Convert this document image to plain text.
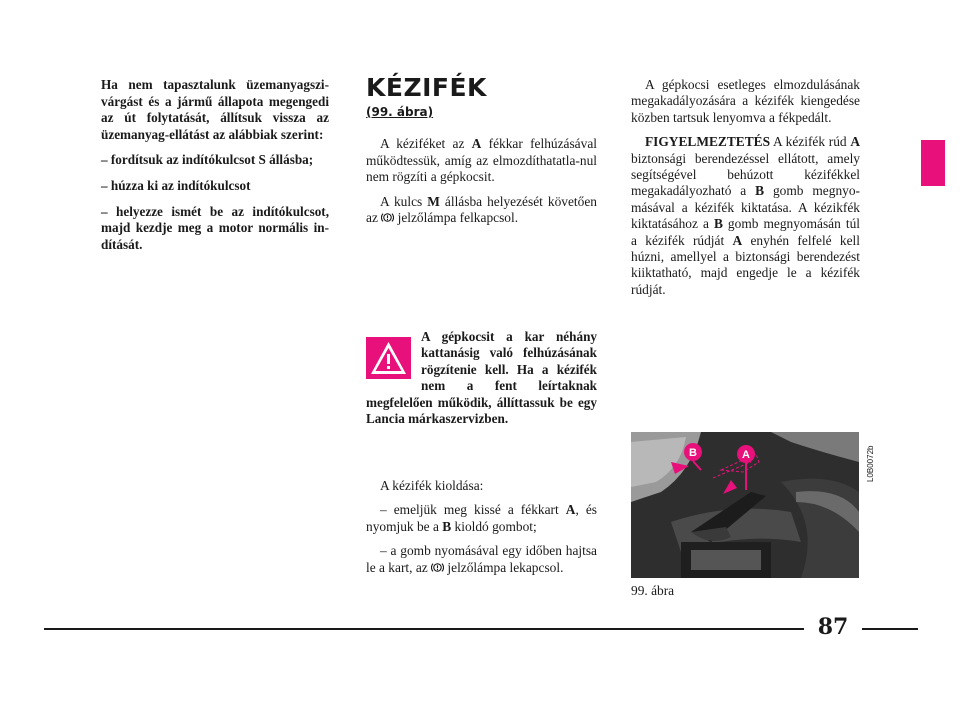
Ha nem tapasztalunk üzemanyagszi-várgást és a jármű állapota megengedi az út folytatását, állítsuk vissza az üzemanyag-ellátást az alábbiak szerint:

– fordítsuk az indítókulcsot S állásba;

– húzza ki az indítókulcsot

– helyezze ismét be az indítókulcsot, majd kezdje meg a motor normális in-dítását.

KÉZIFÉK
(99. ábra)

A kéziféket az A fékkar felhúzásával működtessük, amíg az elmozdíthatatla-nul nem rögzíti a gépkocsit.

A kulcs M állásba helyezését követően az  jelzőlámpa felkapcsol.

A gépkocsit a kar néhány kattanásig való felhúzásának rögzítenie kell. Ha a kézifék nem a fent leírtaknak megfelelően működik, állíttassuk be egy Lancia márkaszervizben.

A kézifék kioldása:

– emeljük meg kissé a fékkart A, és nyomjuk be a B kioldó gombot;

– a gomb nyomásával egy időben hajtsa le a kart, az  jelzőlámpa lekapcsol.

A gépkocsi esetleges elmozdulásának megakadályozására a kézifék kiengedése közben tartsuk lenyomva a fékpedált.

FIGYELMEZTETÉS A kézifék rúd A biztonsági berendezéssel ellátott, amely segítségével behúzott kézifékkel megakadályozható a B gomb megnyo-másával a kézifék kiktatása. A kézikfék kiktatásához a B gomb megnyomásán túl a kézifék rúdját A enyhén felfelé kell húzni, amellyel a biztonsági berendezést kiiktatható, majd engedje le a kézifék rúdját.

B	A	L0B0072b
99. ábra
87
